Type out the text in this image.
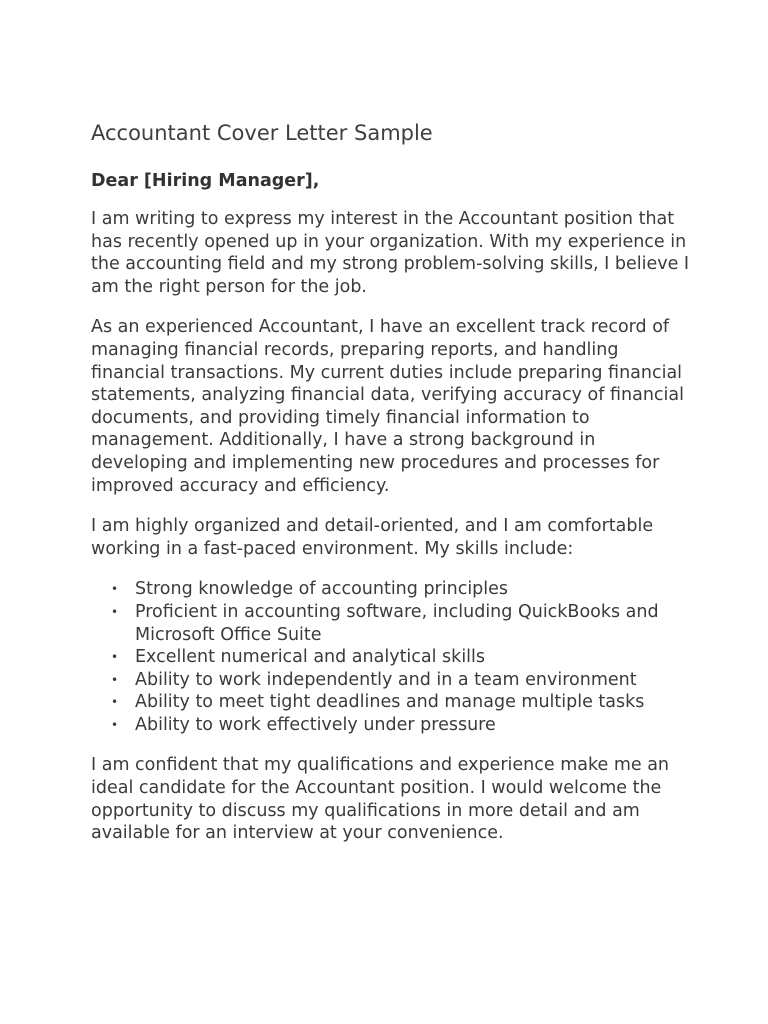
Accountant Cover Letter Sample

Dear [Hiring Manager],

I am writing to express my interest in the Accountant position that has recently opened up in your organization. With my experience in the accounting field and my strong problem-solving skills, I believe I am the right person for the job.

As an experienced Accountant, I have an excellent track record of managing financial records, preparing reports, and handling financial transactions. My current duties include preparing financial statements, analyzing financial data, verifying accuracy of financial documents, and providing timely financial information to management. Additionally, I have a strong background in developing and implementing new procedures and processes for improved accuracy and efficiency.

I am highly organized and detail-oriented, and I am comfortable working in a fast-paced environment. My skills include:

• Strong knowledge of accounting principles
• Proficient in accounting software, including QuickBooks and Microsoft Office Suite
• Excellent numerical and analytical skills
• Ability to work independently and in a team environment
• Ability to meet tight deadlines and manage multiple tasks
• Ability to work effectively under pressure

I am confident that my qualifications and experience make me an ideal candidate for the Accountant position. I would welcome the opportunity to discuss my qualifications in more detail and am available for an interview at your convenience.
